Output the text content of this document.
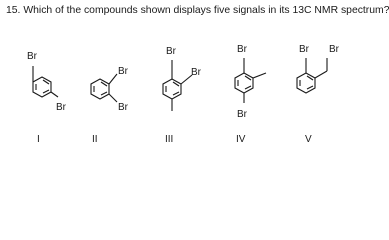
15. Which of the compounds shown displays five signals in its 13C NMR spectrum?
Br
Br
I
Br
Br
II
Br
Br
III
Br
Br
IV
Br Br
V
